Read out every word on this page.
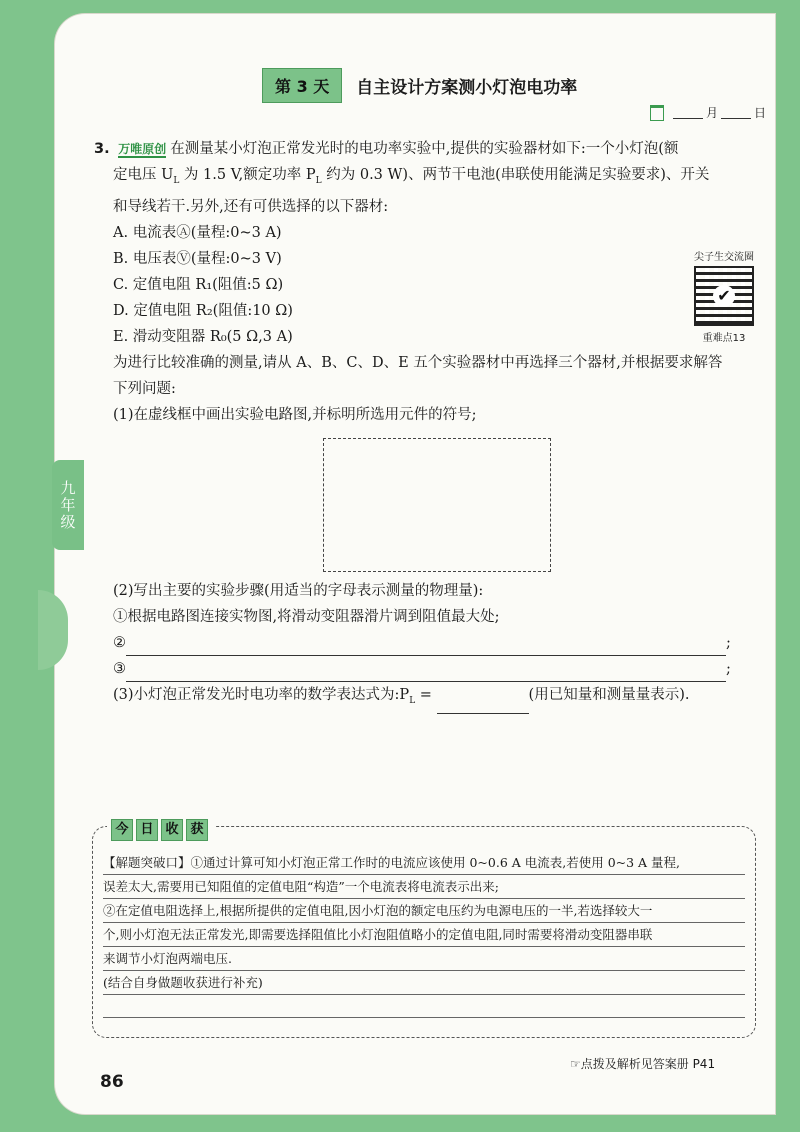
九年级
第 3 天	自主设计方案测小灯泡电功率
月	日
3. 万唯原创 在测量某小灯泡正常发光时的电功率实验中,提供的实验器材如下:一个小灯泡(额
定电压 $U_L$ 为 1.5 V,额定功率 $P_L$ 约为 0.3 W)、两节干电池(串联使用能满足实验要求)、开关
和导线若干.另外,还有可供选择的以下器材:
A. 电流表Ⓐ(量程:0~3 A)
B. 电压表Ⓥ(量程:0~3 V)
C. 定值电阻 R₁(阻值:5 Ω)
D. 定值电阻 R₂(阻值:10 Ω)
E. 滑动变阻器 R₀(5 Ω,3 A)
为进行比较准确的测量,请从 A、B、C、D、E 五个实验器材中再选择三个器材,并根据要求解答
下列问题:
(1)在虚线框中画出实验电路图,并标明所选用元件的符号;
(2)写出主要的实验步骤(用适当的字母表示测量的物理量):
①根据电路图连接实物图,将滑动变阻器滑片调到阻值最大处;
②	;
③	;
(3)小灯泡正常发光时电功率的数学表达式为$:P_L$ =	(用已知量和测量量表示).
尖子生交流圈
✔
重难点13
今 日 收 获
【解题突破口】①通过计算可知小灯泡正常工作时的电流应该使用 0~0.6 A 电流表,若使用 0~3 A 量程,
误差太大,需要用已知阻值的定值电阻“构造”一个电流表将电流表示出来;
②在定值电阻选择上,根据所提供的定值电阻,因小灯泡的额定电压约为电源电压的一半,若选择较大一
个,则小灯泡无法正常发光,即需要选择阻值比小灯泡阻值略小的定值电阻,同时需要将滑动变阻器串联
来调节小灯泡两端电压.
(结合自身做题收获进行补充)
☞点拨及解析见答案册 P41
86
